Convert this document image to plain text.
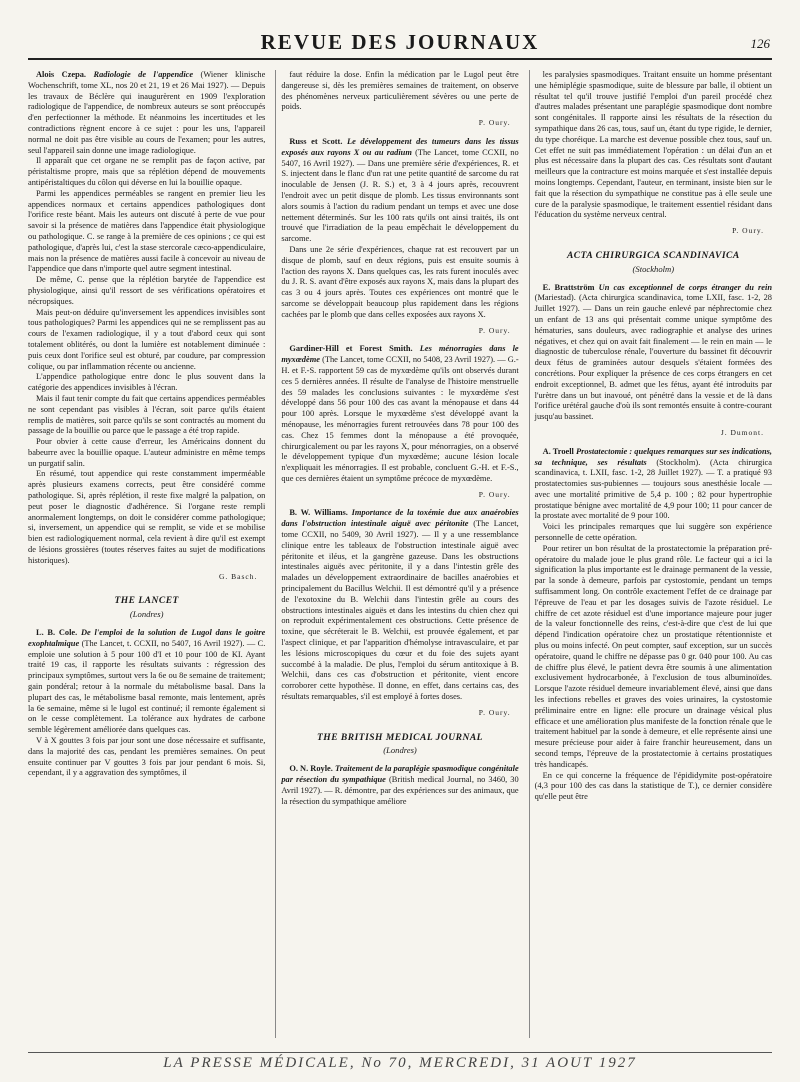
REVUE DES JOURNAUX	126

Alois Czepa. Radiologie de l'appendice (Wiener klinische Wochenschrift, tome XL, nos 20 et 21, 19 et 26 Mai 1927). — Depuis les travaux de Béclère qui inaugurèrent en 1909 l'exploration radiologique de l'appendice, de nombreux auteurs se sont préoccupés d'en perfectionner la méthode. Et néanmoins les incertitudes et les contradictions règnent encore à ce sujet : pour les uns, l'appareil normal ne doit pas être visible au cours de l'examen; pour les autres, seul l'appareil sain donne une image radiologique.

Il apparaît que cet organe ne se remplit pas de façon active, par péristaltisme propre, mais que sa réplétion dépend de mouvements antipéristaltiques du côlon qui déverse en lui la bouillie opaque.

Parmi les appendices perméables se rangent en premier lieu les appendices normaux et certains appendices pathologiques dont l'orifice reste béant. Mais les auteurs ont discuté à perte de vue pour savoir si la présence de matières dans l'appendice était physiologique ou pathologique. C. se range à la première de ces opinions ; ce qui est pathologique, d'après lui, c'est la stase stercorale cæco-appendiculaire, mais non la présence de matières aussi facile à concevoir au niveau de l'appendice que dans n'importe quel autre segment intestinal.

De même, C. pense que la réplétion barytée de l'appendice est physiologique, ainsi qu'il ressort de ses vérifications opératoires et nécropsiques.

Mais peut-on déduire qu'inversement les appendices invisibles sont tous pathologiques? Parmi les appendices qui ne se remplissent pas au cours de l'examen radiologique, il y a tout d'abord ceux qui sont totalement oblitérés, ou dont la lumière est notablement diminuée : puis ceux dont l'orifice seul est obturé, par coudure, par compression colique, ou par inflammation récente ou ancienne.

L'appendice pathologique entre donc le plus souvent dans la catégorie des appendices invisibles à l'écran.

Mais il faut tenir compte du fait que certains appendices perméables ne sont cependant pas visibles à l'écran, soit parce qu'ils étaient remplis de matières, soit parce qu'ils se sont contractés au moment du passage de la bouillie ou parce que le passage a été trop rapide.

Pour obvier à cette cause d'erreur, les Américains donnent du babeurre avec la bouillie opaque. L'auteur administre en même temps un purgatif salin.

En résumé, tout appendice qui reste constamment imperméable après plusieurs examens corrects, peut être considéré comme pathologique. Si, après réplétion, il reste fixe malgré la palpation, on peut poser le diagnostic d'adhérence. Si l'organe reste rempli anormalement longtemps, on doit le considérer comme pathologique; si, inversement, un appendice qui se remplit, se vide et se mobilise bien est radiologiquement normal, cela revient à dire qu'il est exempt de lésions grossières (toutes réserves faites au sujet de modifications historiques).

G. Basch.
THE LANCET
(Londres)

L. B. Cole. De l'emploi de la solution de Lugol dans le goitre exophtalmique (The Lancet, t. CCXII, no 5407, 16 Avril 1927). — C. emploie une solution à 5 pour 100 d'I et 10 pour 100 de KI. Ayant traité 19 cas, il rapporte les résultats suivants : régression des principaux symptômes, surtout vers la 6e ou 8e semaine de traitement; gain pondéral; retour à la normale du métabolisme basal. Dans la plupart des cas, le métabolisme basal remonte, mais lentement, après la 6e semaine, même si le lugol est continué; il remonte également si on le cesse complètement. La tolérance aux hydrates de carbone semble légèrement améliorée dans quelques cas.

V à X gouttes 3 fois par jour sont une dose nécessaire et suffisante, dans la majorité des cas, pendant les premières semaines. On peut ensuite continuer par V gouttes 3 fois par jour pendant 6 mois. Si, cependant, il y a aggravation des symptômes, il

faut réduire la dose. Enfin la médication par le Lugol peut être dangereuse si, dès les premières semaines de traitement, on observe des phénomènes nerveux particulièrement sévères ou une perte de poids.

P. Oury.

Russ et Scott. Le développement des tumeurs dans les tissus exposés aux rayons X ou au radium (The Lancet, tome CCXII, no 5407, 16 Avril 1927). — Dans une première série d'expériences, R. et S. injectent dans le flanc d'un rat une petite quantité de sarcome du rat inoculable de Jensen (J. R. S.) et, 3 à 4 jours après, recouvrent l'endroit avec un petit disque de plomb. Les tissus environnants sont alors soumis à l'action du radium pendant un temps et avec une dose nettement déterminés. Sur les 100 rats qu'ils ont ainsi traités, ils ont trouvé que l'irradiation de la peau empêchait le développement du sarcome.

Dans une 2e série d'expériences, chaque rat est recouvert par un disque de plomb, sauf en deux régions, puis est ensuite soumis à l'action des rayons X. Dans quelques cas, les rats furent inoculés avec du J. R. S. avant d'être exposés aux rayons X, mais dans la plupart des cas 3 ou 4 jours après. Toutes ces expériences ont montré que le sarcome se développait beaucoup plus rapidement dans les régions cachées par le plomb que dans celles exposées aux rayons X.

P. Oury.

Gardiner-Hill et Forest Smith. Les ménorragies dans le myxœdème (The Lancet, tome CCXII, no 5408, 23 Avril 1927). — G.-H. et F.-S. rapportent 59 cas de myxœdème qu'ils ont observés durant ces 5 dernières années. Il résulte de l'analyse de l'histoire menstruelle des 59 malades les conclusions suivantes : le myxœdème s'est développé dans 56 pour 100 des cas avant la ménopause et dans 44 pour 100 après. Lorsque le myxœdème s'est développé avant la ménopause, les ménorragies furent retrouvées dans 78 pour 100 des cas. Chez 15 femmes dont la ménopause a été provoquée, chirurgicalement ou par les rayons X, pour ménorragies, on a observé le développement typique d'un myxœdème; aucune lésion locale n'expliquait les ménorragies. Il est probable, concluent G.-H. et F.-S., que ces dernières étaient un symptôme précoce de myxœdème.

P. Oury.

B. W. Williams. Importance de la toxémie due aux anaérobies dans l'obstruction intestinale aiguë avec péritonite (The Lancet, tome CCXII, no 5409, 30 Avril 1927). — Il y a une ressemblance clinique entre les tableaux de l'obstruction intestinale aiguë avec péritonite et iléus, et la gangrène gazeuse. Dans les obstructions intestinales aiguës avec péritonite, il y a dans l'intestin grêle des malades un développement extraordinaire de bacilles anaérobies et principalement du Bacillus Welchii. Il est démontré qu'il y a présence de l'exotoxine du B. Welchii dans l'intestin grêle au cours des obstructions intestinales aiguës et dans les intestins du chien chez qui on reproduit expérimentalement ces obstructions. Cette présence de toxine, que sécréterait le B. Welchii, est prouvée également, et par l'aspect clinique, et par l'apparition d'hémolyse intravasculaire, et par les lésions microscopiques du cœur et du foie des sujets ayant succombé à la maladie. De plus, l'emploi du sérum antitoxique à B. Welchii, dans ces cas d'obstruction et péritonite, vient encore corroborer cette hypothèse. Il donne, en effet, dans certains cas, des résultats remarquables, s'il est employé à fortes doses.

P. Oury.
THE BRITISH MEDICAL JOURNAL
(Londres)

O. N. Royle. Traitement de la paraplégie spasmodique congénitale par résection du sympathique (British medical Journal, no 3460, 30 Avril 1927). — R. démontre, par des expériences sur des animaux, que la résection du sympathique améliore

les paralysies spasmodiques. Traitant ensuite un homme présentant une hémiplégie spasmodique, suite de blessure par balle, il obtient un résultat tel qu'il trouve justifié l'emploi d'un pareil procédé chez d'autres malades présentant une paraplégie spasmodique dont nombre sont congénitales. Il rapporte ainsi les résultats de la résection du sympathique dans 26 cas, tous, sauf un, étant du type rigide, le dernier, du type choréique. La marche est devenue possible chez tous, sauf un. Cet effet ne suit pas immédiatement l'opération : un délai d'un an et plus est nécessaire dans la plupart des cas. Ces résultats sont d'autant meilleurs que la contracture est moins marquée et s'est installée depuis moins longtemps. Cependant, l'auteur, en terminant, insiste bien sur le fait que la résection du sympathique ne constitue pas à elle seule une cure de la paralysie spasmodique, le traitement essentiel résidant dans l'éducation du système nerveux central.

P. Oury.
ACTA CHIRURGICA SCANDINAVICA
(Stockholm)

E. Brattström Un cas exceptionnel de corps étranger du rein (Mariestad). (Acta chirurgica scandinavica, tome LXII, fasc. 1-2, 28 Juillet 1927). — Dans un rein gauche enlevé par néphrectomie chez un enfant de 13 ans qui présentait comme unique symptôme des hématuries, sans douleurs, avec radiographie et analyse des urines négatives, et chez qui on avait fait finalement — le rein en main — le diagnostic de tuberculose rénale, l'ouverture du bassinet fit découvrir deux fétus de graminées autour desquels s'étaient formées des concrétions. Pour expliquer la présence de ces corps étrangers en cet endroit exceptionnel, B. admet que les fétus, ayant été introduits par l'urètre dans un but inavoué, ont pénétré dans la vessie et de là dans l'orifice urétéral gauche d'où ils sont remontés ensuite à contre-courant jusqu'au bassinet.

J. Dumont.

A. Troell Prostatectomie : quelques remarques sur ses indications, sa technique, ses résultats (Stockholm). (Acta chirurgica scandinavica, t. LXII, fasc. 1-2, 28 Juillet 1927). — T. a pratiqué 93 prostatectomies sus-pubiennes — toujours sous anesthésie locale — avec une mortalité primitive de 5,4 p. 100 ; 82 pour hypertrophie prostatique bénigne avec mortalité de 4,9 pour 100; 11 pour cancer de la prostate avec mortalité de 9 pour 100.

Voici les principales remarques que lui suggère son expérience personnelle de cette opération.

Pour retirer un bon résultat de la prostatectomie la préparation pré-opératoire du malade joue le plus grand rôle. Le facteur qui a ici la signification la plus importante est le drainage permanent de la vessie, par la sonde à demeure, parfois par cystostomie, pendant un temps suffisamment long. On contrôle exactement l'effet de ce drainage par l'épreuve de l'eau et par les dosages suivis de l'azote résiduel. Le chiffre de cet azote résiduel est d'une importance majeure pour juger de la valeur fonctionnelle des reins, c'est-à-dire que c'est de lui que dépend l'indication opératoire chez un prostatique rétentionniste et plus ou moins infecté. On peut compter, sauf exception, sur un succès opératoire, quand le chiffre ne dépasse pas 0 gr. 040 pour 100. Au cas de chiffre plus élevé, le patient devra être soumis à une alimentation exclusivement hydrocarbonée, à l'exclusion de tous albuminoïdes. Lorsque l'azote résiduel demeure invariablement élevé, ainsi que dans les infections rebelles et graves des voies urinaires, la cystostomie préliminaire entre en ligne: elle procure un drainage vésical plus efficace et une amélioration plus manifeste de la fonction rénale que le traitement habituel par la sonde à demeure, et elle représente ainsi une mesure précieuse pour aider à faire franchir heureusement, dans un second temps, l'épreuve de la prostatectomie à certains prostatiques très handicapés.

En ce qui concerne la fréquence de l'épididymite post-opératoire (4,3 pour 100 des cas dans la statistique de T.), ce dernier considère qu'elle peut être

LA PRESSE MÉDICALE, No 70, MERCREDI, 31 AOUT 1927
